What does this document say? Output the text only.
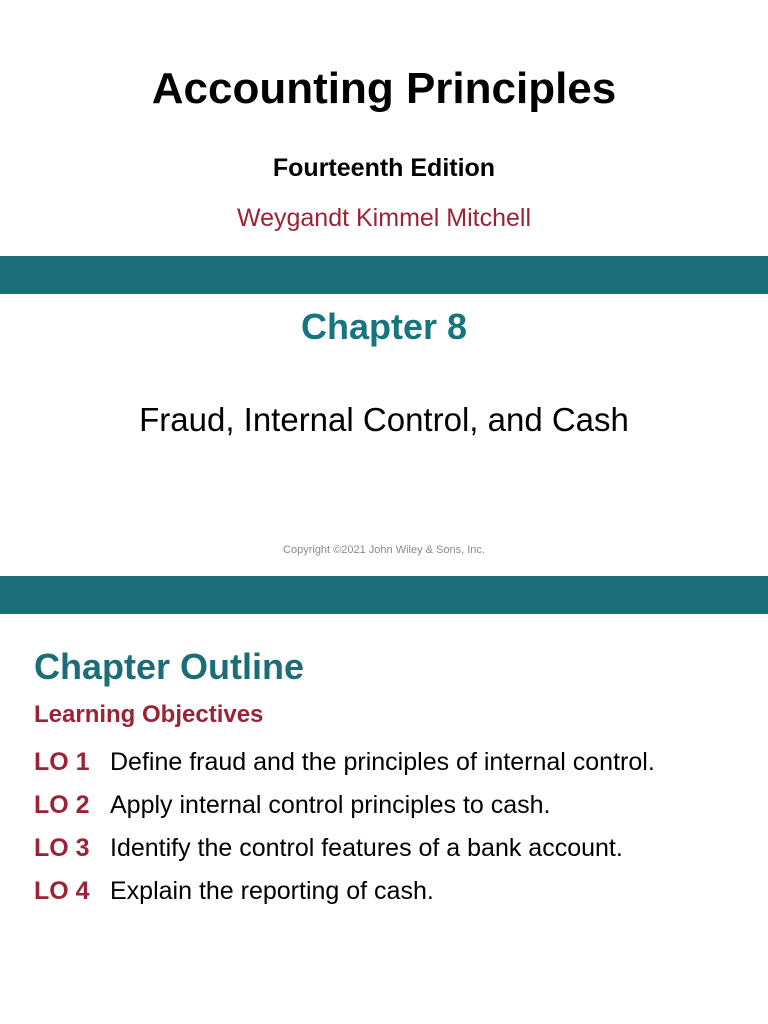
Accounting Principles
Fourteenth Edition
Weygandt Kimmel Mitchell
Chapter 8
Fraud, Internal Control, and Cash
Copyright ©2021 John Wiley & Sons, Inc.
Chapter Outline
Learning Objectives
LO 1 Define fraud and the principles of internal control.
LO 2 Apply internal control principles to cash.
LO 3 Identify the control features of a bank account.
LO 4 Explain the reporting of cash.
